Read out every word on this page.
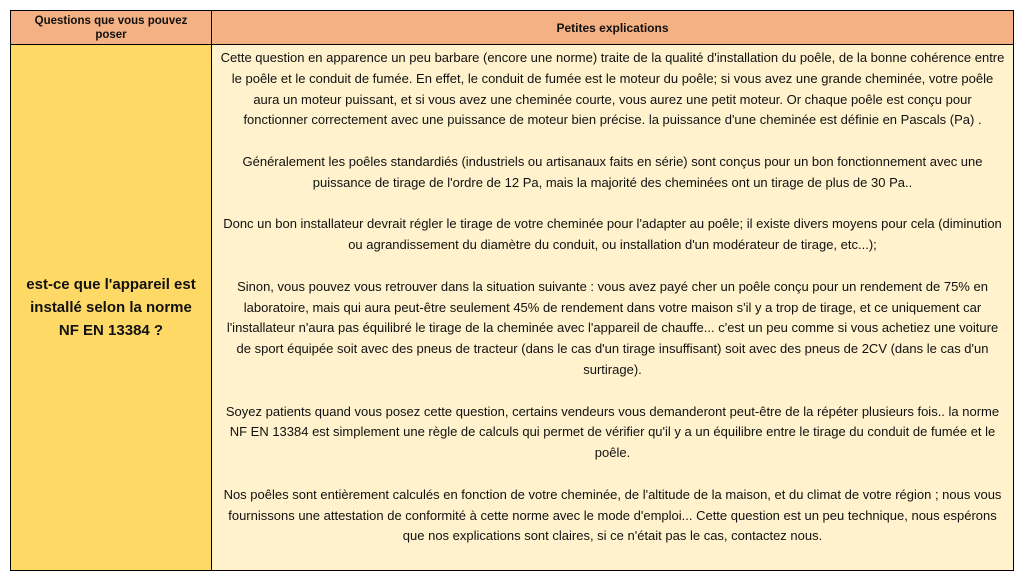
Questions que vous pouvez poser	Petites explications
est-ce que l'appareil est installé selon la norme NF EN 13384 ?

Cette question en apparence un peu barbare (encore une norme) traite de la qualité d'installation du poêle, de la bonne cohérence entre le poêle et le conduit de fumée. En effet, le conduit de fumée est le moteur du poêle; si vous avez une grande cheminée, votre poêle aura un moteur puissant, et si vous avez une cheminée courte, vous aurez une petit moteur. Or chaque poêle est conçu pour fonctionner correctement avec une puissance de moteur bien précise. la puissance d'une cheminée est définie en Pascals (Pa) .

Généralement les poêles standardiés (industriels ou artisanaux faits en série) sont conçus pour un bon fonctionnement avec une puissance de tirage de l'ordre de 12 Pa, mais la majorité des cheminées ont un tirage de plus de 30 Pa..

Donc un bon installateur devrait régler le tirage de votre cheminée pour l'adapter au poêle; il existe divers moyens pour cela (diminution ou agrandissement du diamètre du conduit, ou installation d'un modérateur de tirage, etc...);

Sinon, vous pouvez vous retrouver dans la situation suivante : vous avez payé cher un poêle conçu pour un rendement de 75% en laboratoire, mais qui aura peut-être seulement 45% de rendement dans votre maison s'il y a trop de tirage, et ce uniquement car l'installateur n'aura pas équilibré le tirage de la cheminée avec l'appareil de chauffe... c'est un peu comme si vous achetiez une voiture de sport équipée soit avec des pneus de tracteur (dans le cas d'un tirage insuffisant) soit avec des pneus de 2CV (dans le cas d'un surtirage).

Soyez patients quand vous posez cette question, certains vendeurs vous demanderont peut-être de la répéter plusieurs fois.. la norme NF EN 13384 est simplement une règle de calculs qui permet de vérifier qu'il y a un équilibre entre le tirage du conduit de fumée et le poêle.

Nos poêles sont entièrement calculés en fonction de votre cheminée, de l'altitude de la maison, et du climat de votre région ; nous vous fournissons une attestation de conformité à cette norme avec le mode d'emploi... Cette question est un peu technique, nous espérons que nos explications sont claires, si ce n'était pas le cas, contactez nous.
